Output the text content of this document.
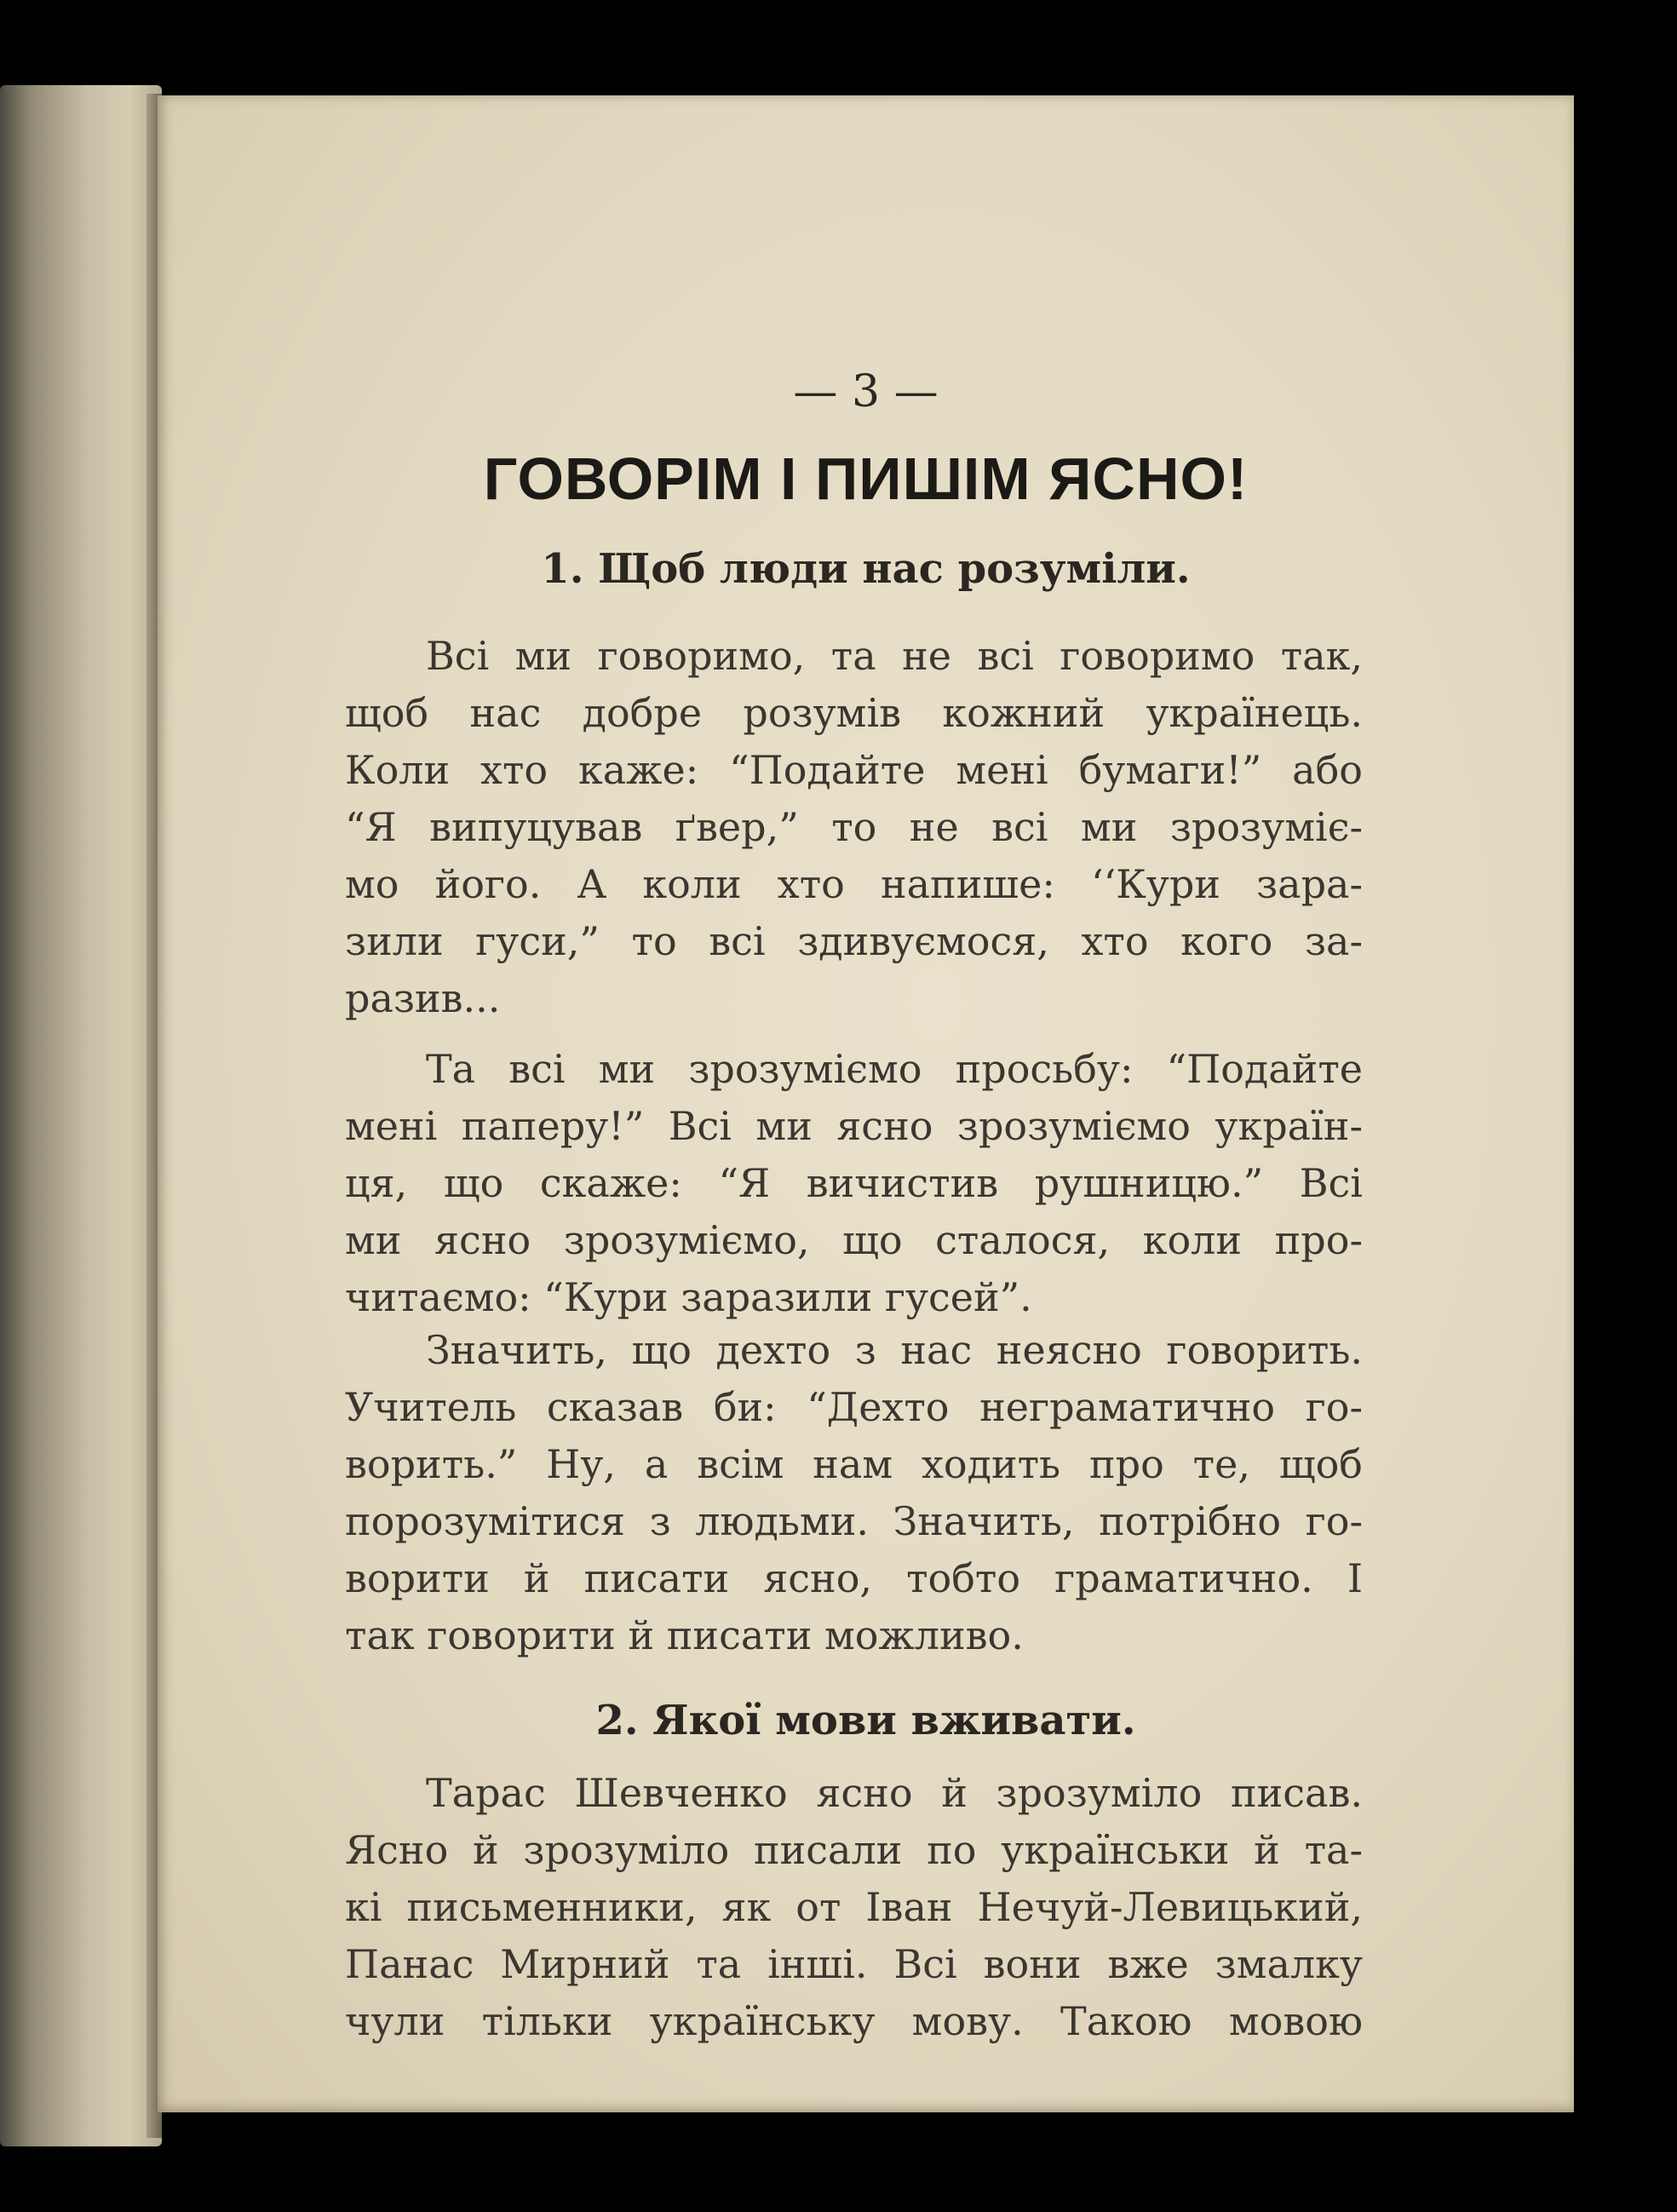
— 3 —
ГОВОРІМ І ПИШІМ ЯСНО!
1. Щоб люди нас розуміли.
Всі ми говоримо, та не всі говоримо так,
щоб нас добре розумів кожний українець.
Коли хто каже: “Подайте мені бумаги!” або
“Я випуцував ґвер,” то не всі ми зрозуміє-
мо його. А коли хто напише: ‘‘Кури зара-
зили гуси,” то всі здивуємося, хто кого за-
разив...
Та всі ми зрозуміємо просьбу: “Подайте
мені паперу!” Всі ми ясно зрозуміємо україн-
ця, що скаже: “Я вичистив рушницю.” Всі
ми ясно зрозуміємо, що сталося, коли про-
читаємо: “Кури заразили гусей”.
Значить, що дехто з нас неясно говорить.
Учитель сказав би: “Дехто неграматично го-
ворить.” Ну, а всім нам ходить про те, щоб
порозумітися з людьми. Значить, потрібно го-
ворити й писати ясно, тобто граматично. І
так говорити й писати можливо.
2. Якої мови вживати.
Тарас Шевченко ясно й зрозуміло писав.
Ясно й зрозуміло писали по українськи й та-
кі письменники, як от Іван Нечуй-Левицький,
Панас Мирний та інші. Всі вони вже змалку
чули тільки українську мову. Такою мовою
